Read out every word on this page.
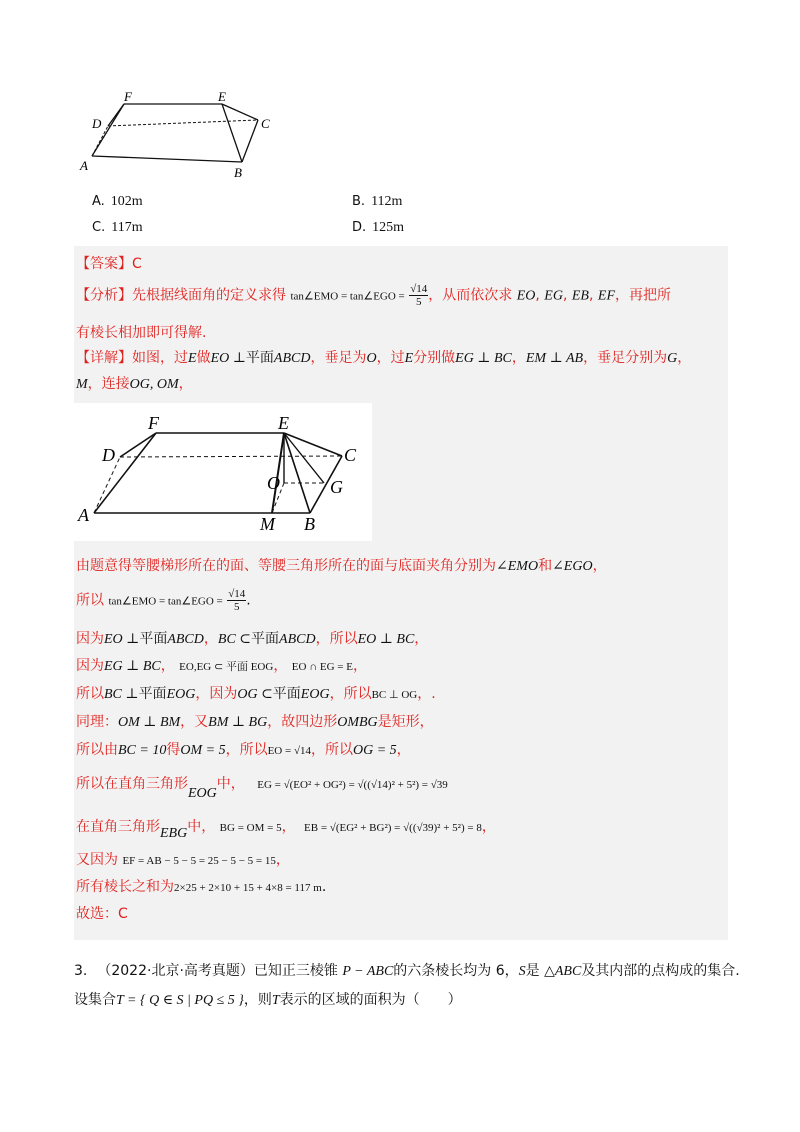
A	B
C
D
E
F
A. 102m	B. 112m
C. 117m	D. 125m
【答案】C
【分析】先根据线面角的定义求得 tan∠EMO = tan∠EGO = $\frac{√14}{5}$ ，从而依次求 EO, EG, EB, EF，再把所
有棱长相加即可得解.
【详解】如图，过E做EO ⊥平面ABCD，垂足为O，过E分别做EG ⊥ BC，EM ⊥ AB，垂足分别为G，
M，连接OG, OM，
A	B
C
D
E
F
G
M
O
由题意得等腰梯形所在的面、等腰三角形所在的面与底面夹角分别为∠EMO和∠EGO，
所以 tan∠EMO = tan∠EGO = $\frac{√14}{5}$ .
因为EO ⊥平面ABCD，BC ⊂平面ABCD，所以EO ⊥ BC，
因为EG ⊥ BC， EO,EG ⊂ 平面 EOG， EO ∩ EG = E，
所以BC ⊥平面EOG，因为OG ⊂平面EOG，所以BC ⊥ OG，.
同理：OM ⊥ BM，又BM ⊥ BG，故四边形OMBG是矩形，
所以由BC = 10得OM = 5，所以EO = √14，所以OG = 5，
所以在直角三角形EOG中， EG = √(EO² + OG²) = √((√14)² + 5²) = √39
在直角三角形EBG中， BG = OM = 5， EB = √(EG² + BG²) = √((√39)² + 5²) = 8，
又因为 EF = AB − 5 − 5 = 25 − 5 − 5 = 15，
所有棱长之和为2×25 + 2×10 + 15 + 4×8 = 117 m.
故选：C
3. （2022·北京·高考真题）已知正三棱锥 P − ABC的六条棱长均为 6，S是 △ABC及其内部的点构成的集合.
设集合T = { Q ∈ S | PQ ≤ 5 }，则T表示的区域的面积为（　　）
